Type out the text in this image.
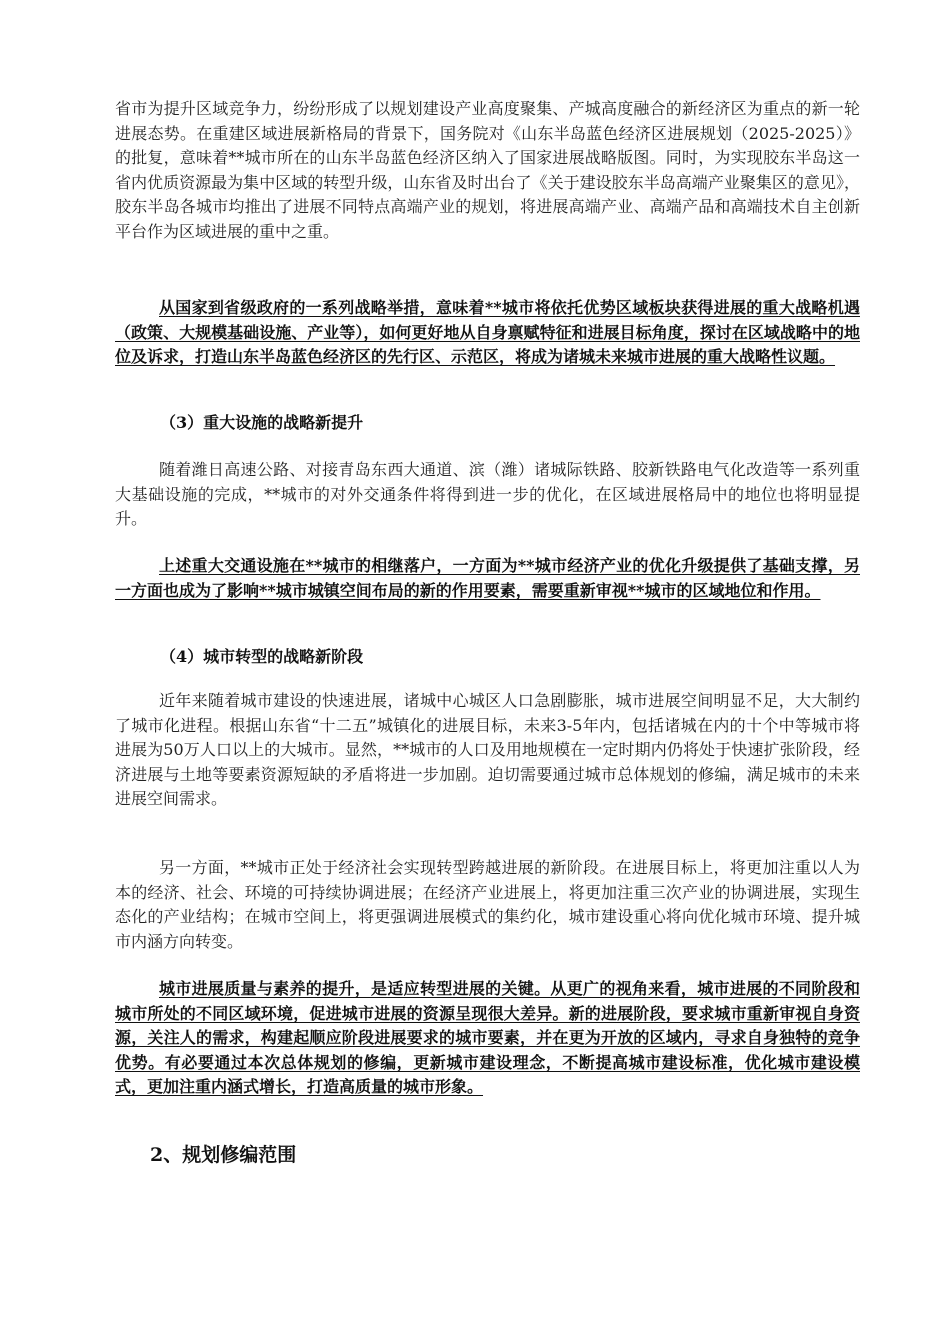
省市为提升区域竞争力，纷纷形成了以规划建设产业高度聚集、产城高度融合的新经济区为重点的新一轮进展态势。在重建区域进展新格局的背景下，国务院对《山东半岛蓝色经济区进展规划（2025-2025）》的批复，意味着**城市所在的山东半岛蓝色经济区纳入了国家进展战略版图。同时，为实现胶东半岛这一省内优质资源最为集中区域的转型升级，山东省及时出台了《关于建设胶东半岛高端产业聚集区的意见》，胶东半岛各城市均推出了进展不同特点高端产业的规划，将进展高端产业、高端产品和高端技术自主创新平台作为区域进展的重中之重。

从国家到省级政府的一系列战略举措，意味着**城市将依托优势区域板块获得进展的重大战略机遇（政策、大规模基础设施、产业等），如何更好地从自身禀赋特征和进展目标角度，探讨在区域战略中的地位及诉求，打造山东半岛蓝色经济区的先行区、示范区，将成为诸城未来城市进展的重大战略性议题。

（3）重大设施的战略新提升

随着潍日高速公路、对接青岛东西大通道、滨（潍）诸城际铁路、胶新铁路电气化改造等一系列重大基础设施的完成，**城市的对外交通条件将得到进一步的优化，在区域进展格局中的地位也将明显提升。

上述重大交通设施在**城市的相继落户，一方面为**城市经济产业的优化升级提供了基础支撑，另一方面也成为了影响**城市城镇空间布局的新的作用要素，需要重新审视**城市的区域地位和作用。

（4）城市转型的战略新阶段

近年来随着城市建设的快速进展，诸城中心城区人口急剧膨胀，城市进展空间明显不足，大大制约了城市化进程。根据山东省“十二五”城镇化的进展目标，未来3-5年内，包括诸城在内的十个中等城市将进展为50万人口以上的大城市。显然，**城市的人口及用地规模在一定时期内仍将处于快速扩张阶段，经济进展与土地等要素资源短缺的矛盾将进一步加剧。迫切需要通过城市总体规划的修编，满足城市的未来进展空间需求。

另一方面，**城市正处于经济社会实现转型跨越进展的新阶段。在进展目标上，将更加注重以人为本的经济、社会、环境的可持续协调进展；在经济产业进展上，将更加注重三次产业的协调进展，实现生态化的产业结构；在城市空间上，将更强调进展模式的集约化，城市建设重心将向优化城市环境、提升城市内涵方向转变。

城市进展质量与素养的提升，是适应转型进展的关键。从更广的视角来看，城市进展的不同阶段和城市所处的不同区域环境，促进城市进展的资源呈现很大差异。新的进展阶段，要求城市重新审视自身资源，关注人的需求，构建起顺应阶段进展要求的城市要素，并在更为开放的区域内，寻求自身独特的竞争优势。有必要通过本次总体规划的修编，更新城市建设理念，不断提高城市建设标准，优化城市建设模式，更加注重内涵式增长，打造高质量的城市形象。

2、规划修编范围
